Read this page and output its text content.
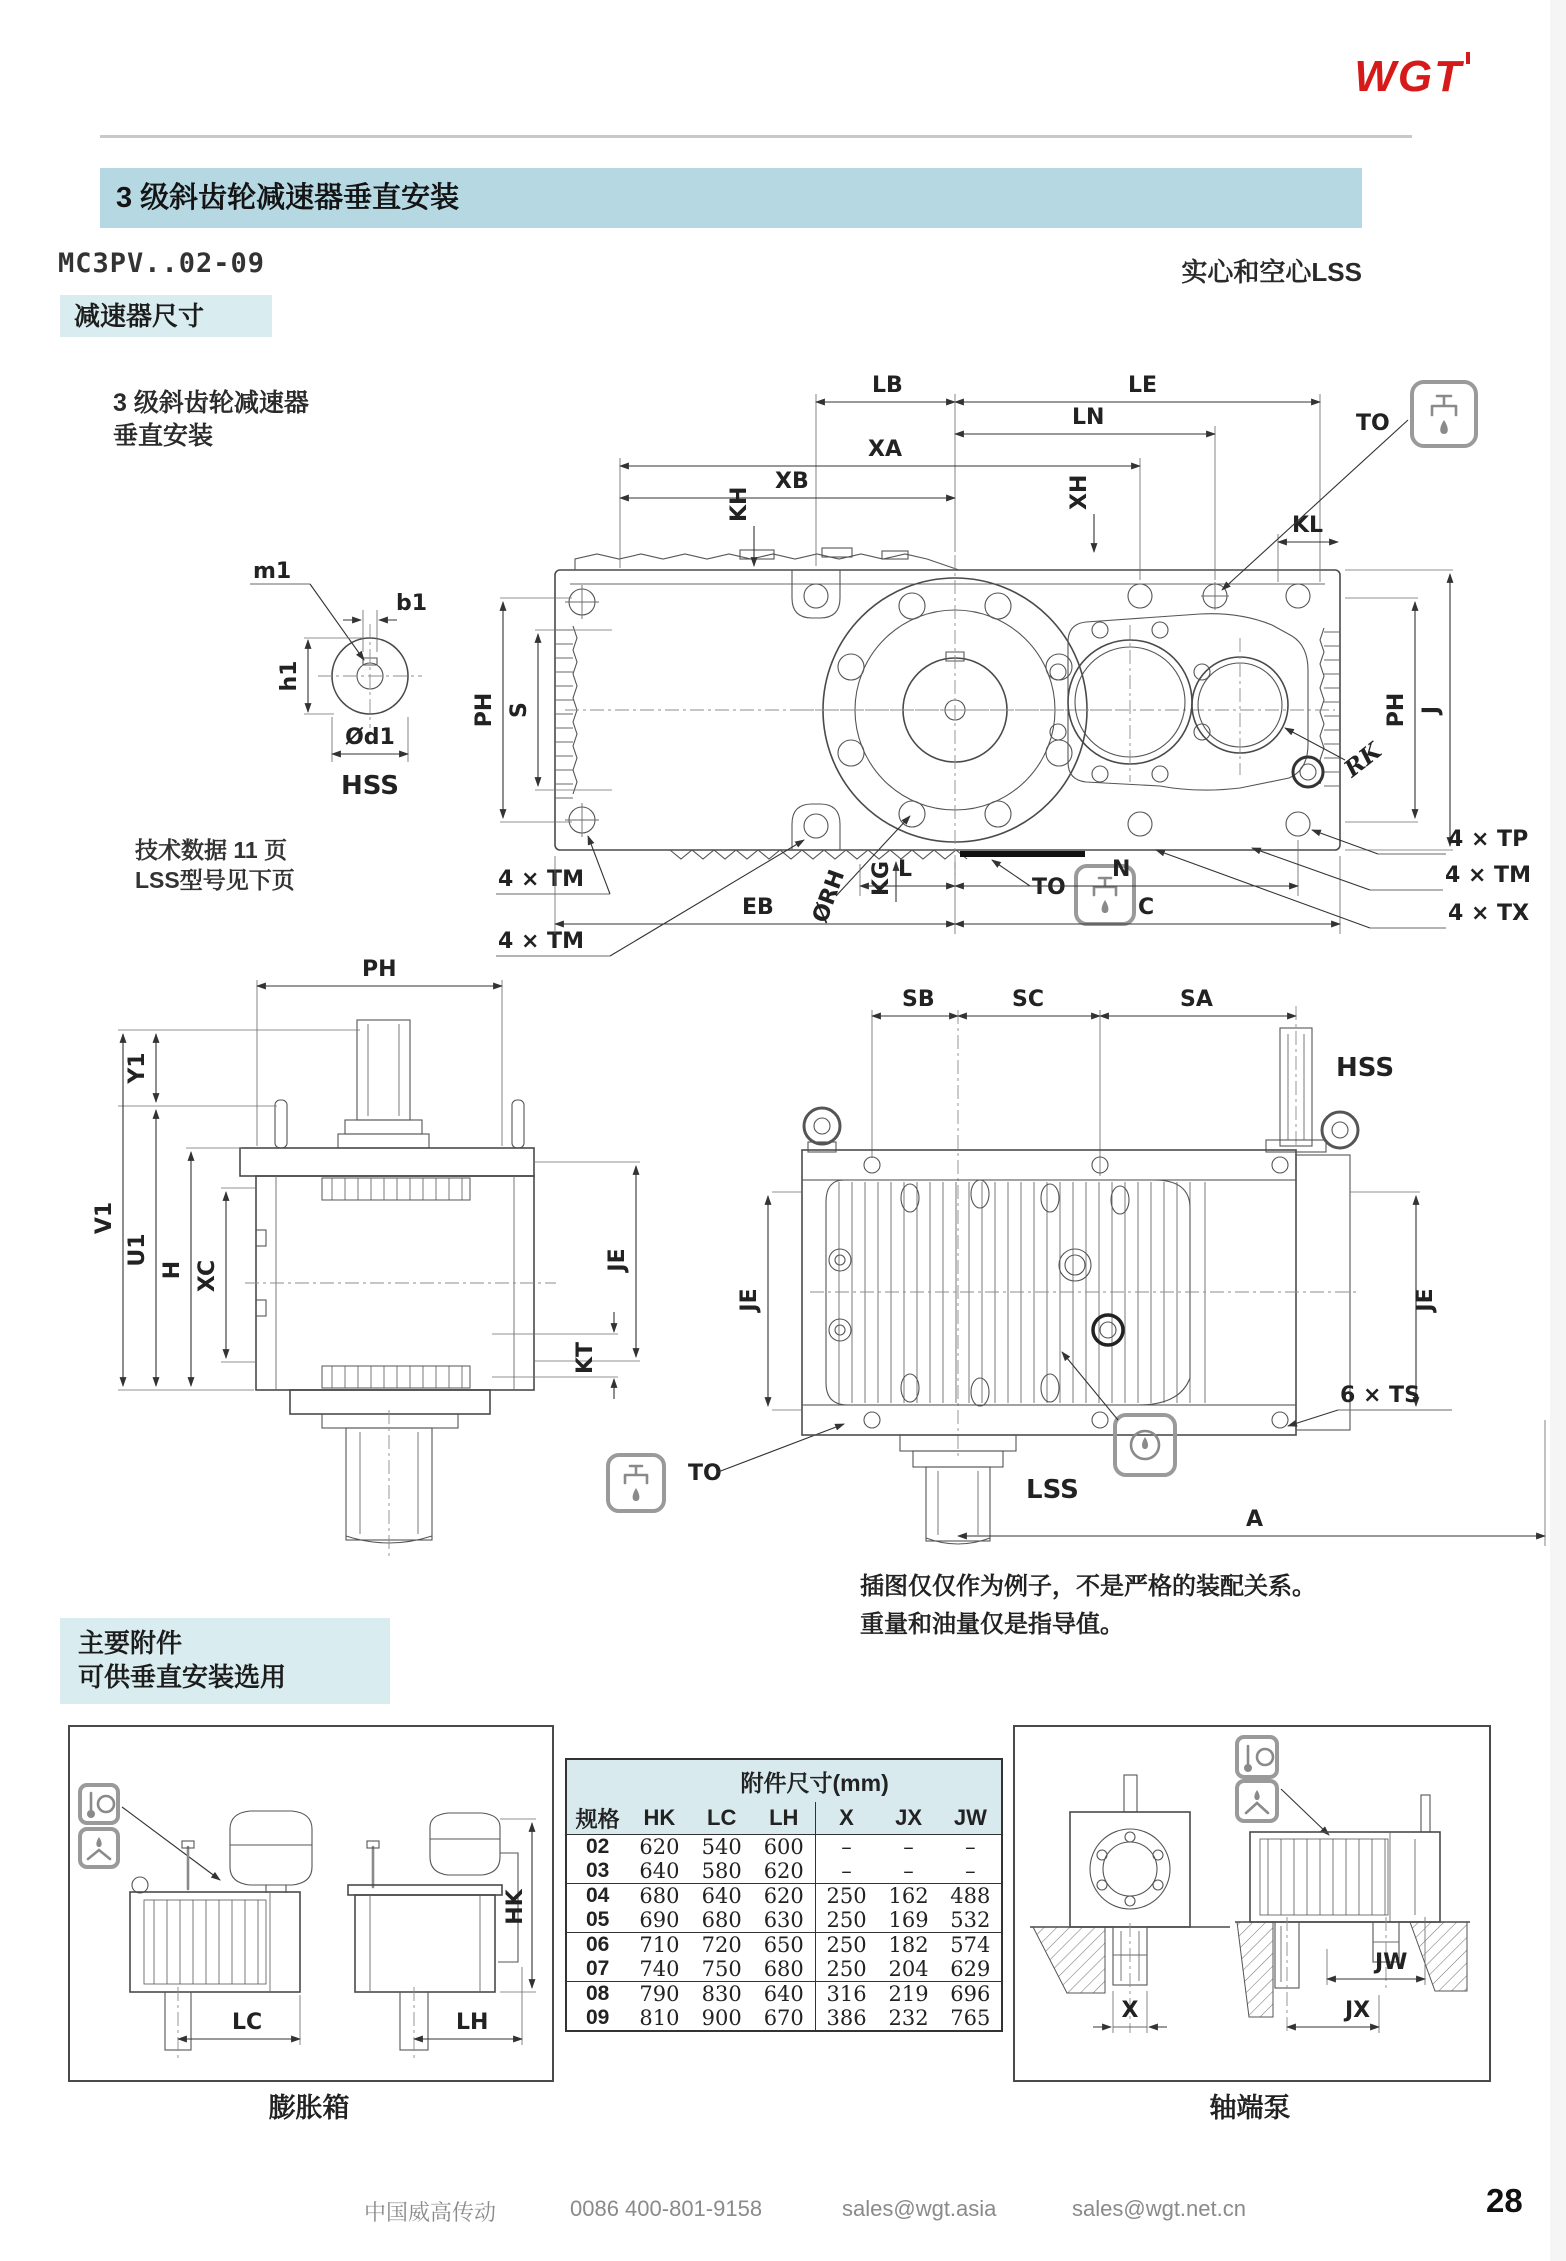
WGT
3 级斜齿轮减速器垂直安装
MC3PV..02-09	实心和空心LSS
减速器尺寸
3 级斜齿轮减速器
垂直安装
m1
b1
h1
Ød1
HSS
技术数据 11 页
LSS型号见下页
RK
LB	LE
LN
XA
XB
KH	XH
KL
TO
PH S	PH J
4 × TM
4 × TM
KG
ØRH	TO
L	N
EB	C
4 × TP
4 × TM
4 × TX
PH
V1
Y1
U1
H XC	JE
KT
TO
SB	SC	SA
HSS
JE	JE
6 × TS
LSS
A
插图仅仅作为例子，不是严格的装配关系。
重量和油量仅是指导值。
主要附件
可供垂直安装选用
LC	LH
HK
膨胀箱
	附件尺寸(mm)					
规格	HK	LC	LH	X	JX	JW
02	620	540	600	–	–	–
03	640	580	620	–	–	–
04	680	640	620	250	162	488
05	690	680	630	250	169	532
06	710	720	650	250	182	574
07	740	750	680	250	204	629
08	790	830	640	316	219	696
09	810	900	670	386	232	765	X
JW
JX
轴端泵
中国威高传动	0086 400-801-9158	sales@wgt.asia	sales@wgt.net.cn	28
